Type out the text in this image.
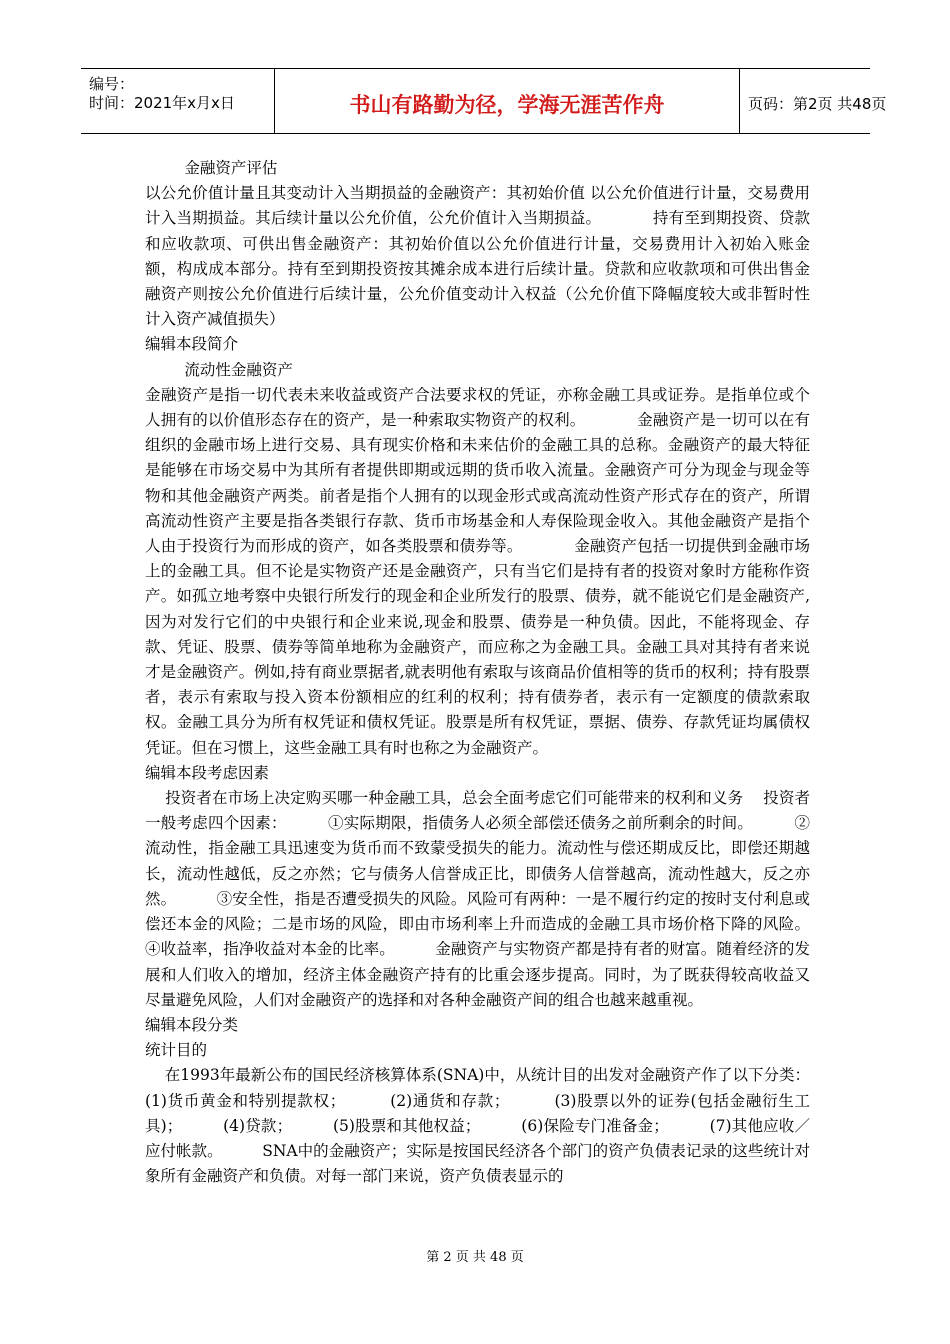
编号：
时间：2021年x月x日	书山有路勤为径，学海无涯苦作舟	页码：第2页 共48页

金融资产评估

以公允价值计量且其变动计入当期损益的金融资产：其初始价值 以公允价值进行计量，交易费用计入当期损益。其后续计量以公允价值，公允价值计入当期损益。          持有至到期投资、贷款和应收款项、可供出售金融资产：其初始价值以公允价值进行计量，交易费用计入初始入账金额，构成成本部分。持有至到期投资按其摊余成本进行后续计量。贷款和应收款项和可供出售金融资产则按公允价值进行后续计量，公允价值变动计入权益（公允价值下降幅度较大或非暂时性计入资产减值损失）

编辑本段简介

流动性金融资产

金融资产是指一切代表未来收益或资产合法要求权的凭证，亦称金融工具或证券。是指单位或个人拥有的以价值形态存在的资产，是一种索取实物资产的权利。          金融资产是一切可以在有组织的金融市场上进行交易、具有现实价格和未来估价的金融工具的总称。金融资产的最大特征是能够在市场交易中为其所有者提供即期或远期的货币收入流量。金融资产可分为现金与现金等物和其他金融资产两类。前者是指个人拥有的以现金形式或高流动性资产形式存在的资产，所谓高流动性资产主要是指各类银行存款、货币市场基金和人寿保险现金收入。其他金融资产是指个人由于投资行为而形成的资产，如各类股票和债券等。          金融资产包括一切提供到金融市场上的金融工具。但不论是实物资产还是金融资产，只有当它们是持有者的投资对象时方能称作资产。如孤立地考察中央银行所发行的现金和企业所发行的股票、债券，就不能说它们是金融资产,因为对发行它们的中央银行和企业来说,现金和股票、债券是一种负债。因此，不能将现金、存款、凭证、股票、债券等简单地称为金融资产，而应称之为金融工具。金融工具对其持有者来说才是金融资产。例如,持有商业票据者,就表明他有索取与该商品价值相等的货币的权利；持有股票者，表示有索取与投入资本份额相应的红利的权利；持有债券者，表示有一定额度的债款索取权。金融工具分为所有权凭证和债权凭证。股票是所有权凭证，票据、债券、存款凭证均属债权凭证。但在习惯上，这些金融工具有时也称之为金融资产。

编辑本段考虑因素

投资者在市场上决定购买哪一种金融工具，总会全面考虑它们可能带来的权利和义务    投资者一般考虑四个因素：        ①实际期限，指债务人必须全部偿还债务之前所剩余的时间。        ②流动性，指金融工具迅速变为货币而不致蒙受损失的能力。流动性与偿还期成反比，即偿还期越长，流动性越低，反之亦然；它与债务人信誉成正比，即债务人信誉越高，流动性越大，反之亦然。        ③安全性，指是否遭受损失的风险。风险可有两种：一是不履行约定的按时支付利息或偿还本金的风险；二是市场的风险，即由市场利率上升而造成的金融工具市场价格下降的风险。        ④收益率，指净收益对本金的比率。        金融资产与实物资产都是持有者的财富。随着经济的发展和人们收入的增加，经济主体金融资产持有的比重会逐步提高。同时，为了既获得较高收益又尽量避免风险，人们对金融资产的选择和对各种金融资产间的组合也越来越重视。

编辑本段分类

统计目的

在1993年最新公布的国民经济核算体系(SNA)中，从统计目的出发对金融资产作了以下分类：        (1)货币黄金和特别提款权；        (2)通货和存款；        (3)股票以外的证券(包括金融衍生工具)；        (4)贷款；        (5)股票和其他权益；        (6)保险专门准备金；        (7)其他应收／应付帐款。        SNA中的金融资产；实际是按国民经济各个部门的资产负债表记录的这些统计对象所有金融资产和负债。对每一部门来说，资产负债表显示的

第 2 页 共 48 页
